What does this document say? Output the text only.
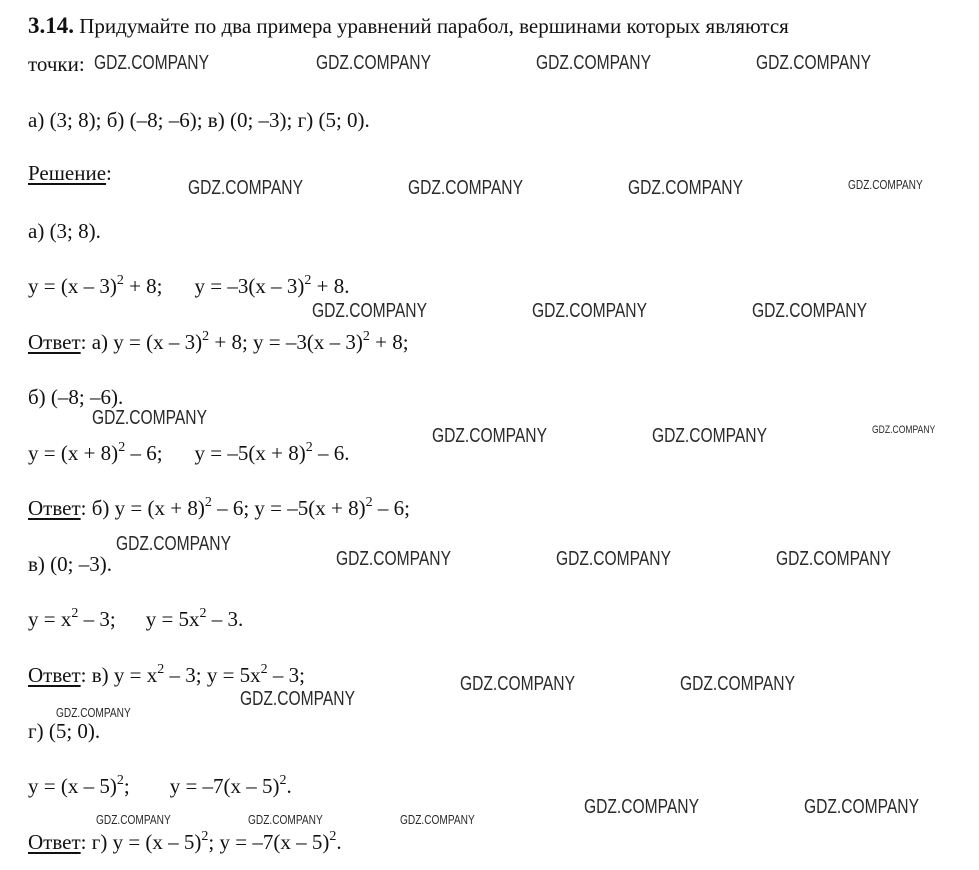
3.14. Придумайте по два примера уравнений парабол, вершинами которых являются
точки:
а) (3; 8); б) (–8; –6); в) (0; –3); г) (5; 0).
Решение:
а) (3; 8).
y = (x – 3)$^2$ + 8; y = –3(x – 3)$^2$ + 8.
Ответ: а) y = (x – 3)$^2$ + 8; y = –3(x – 3)$^2$ + 8;
б) (–8; –6).
$y = (x + 8)^2 - 6$; $y = -5(x + 8)^2 - 6$.
Ответ: б) $y = (x + 8)^2 - 6$; $y = -5(x + 8)^2 - 6$;
в) (0; –3).
$y = x^2 - 3$; $y = 5x^2 - 3$.
Ответ: в) $y = x^2 - 3$; $y = 5x^2 - 3$;
г) (5; 0).
y = (x – 5)$^2$; y = –7(x – 5)$^2$.
Ответ: г) y = (x – 5)$^2$; y = –7(x – 5)$^2$.
GDZ.COMPANY	GDZ.COMPANY	GDZ.COMPANY	GDZ.COMPANY
GDZ.COMPANY	GDZ.COMPANY	GDZ.COMPANY	GDZ.COMPANY
GDZ.COMPANY	GDZ.COMPANY	GDZ.COMPANY
GDZ.COMPANY
GDZ.COMPANY	GDZ.COMPANY	GDZ.COMPANY
GDZ.COMPANY
GDZ.COMPANY	GDZ.COMPANY	GDZ.COMPANY
GDZ.COMPANY	GDZ.COMPANY
GDZ.COMPANY
GDZ.COMPANY
GDZ.COMPANY	GDZ.COMPANY
GDZ.COMPANY	GDZ.COMPANY	GDZ.COMPANY
